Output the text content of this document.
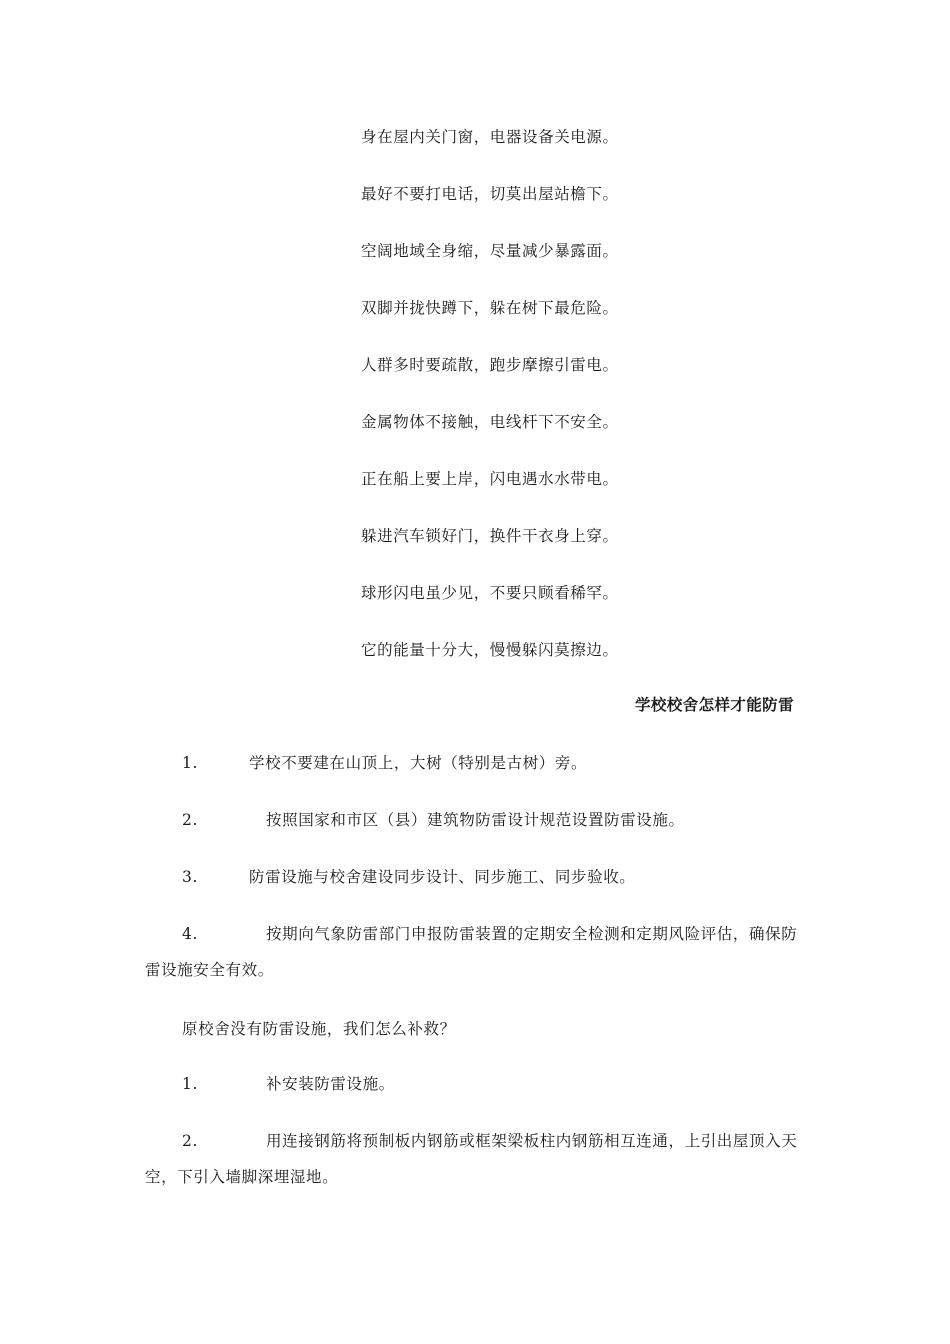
身在屋内关门窗，电器设备关电源。
最好不要打电话，切莫出屋站檐下。
空阔地域全身缩，尽量减少暴露面。
双脚并拢快蹲下，躲在树下最危险。
人群多时要疏散，跑步摩擦引雷电。
金属物体不接触，电线杆下不安全。
正在船上要上岸，闪电遇水水带电。
躲进汽车锁好门，换件干衣身上穿。
球形闪电虽少见，不要只顾看稀罕。
它的能量十分大，慢慢躲闪莫擦边。
学校校舍怎样才能防雷
1.	学校不要建在山顶上，大树（特别是古树）旁。
2.	按照国家和市区（县）建筑物防雷设计规范设置防雷设施。
3.	防雷设施与校舍建设同步设计、同步施工、同步验收。
4.	按期向气象防雷部门申报防雷装置的定期安全检测和定期风险评估，确保防雷设施安全有效。
原校舍没有防雷设施，我们怎么补救？
1.	补安装防雷设施。
2.	用连接钢筋将预制板内钢筋或框架梁板柱内钢筋相互连通，上引出屋顶入天空，下引入墙脚深埋湿地。
